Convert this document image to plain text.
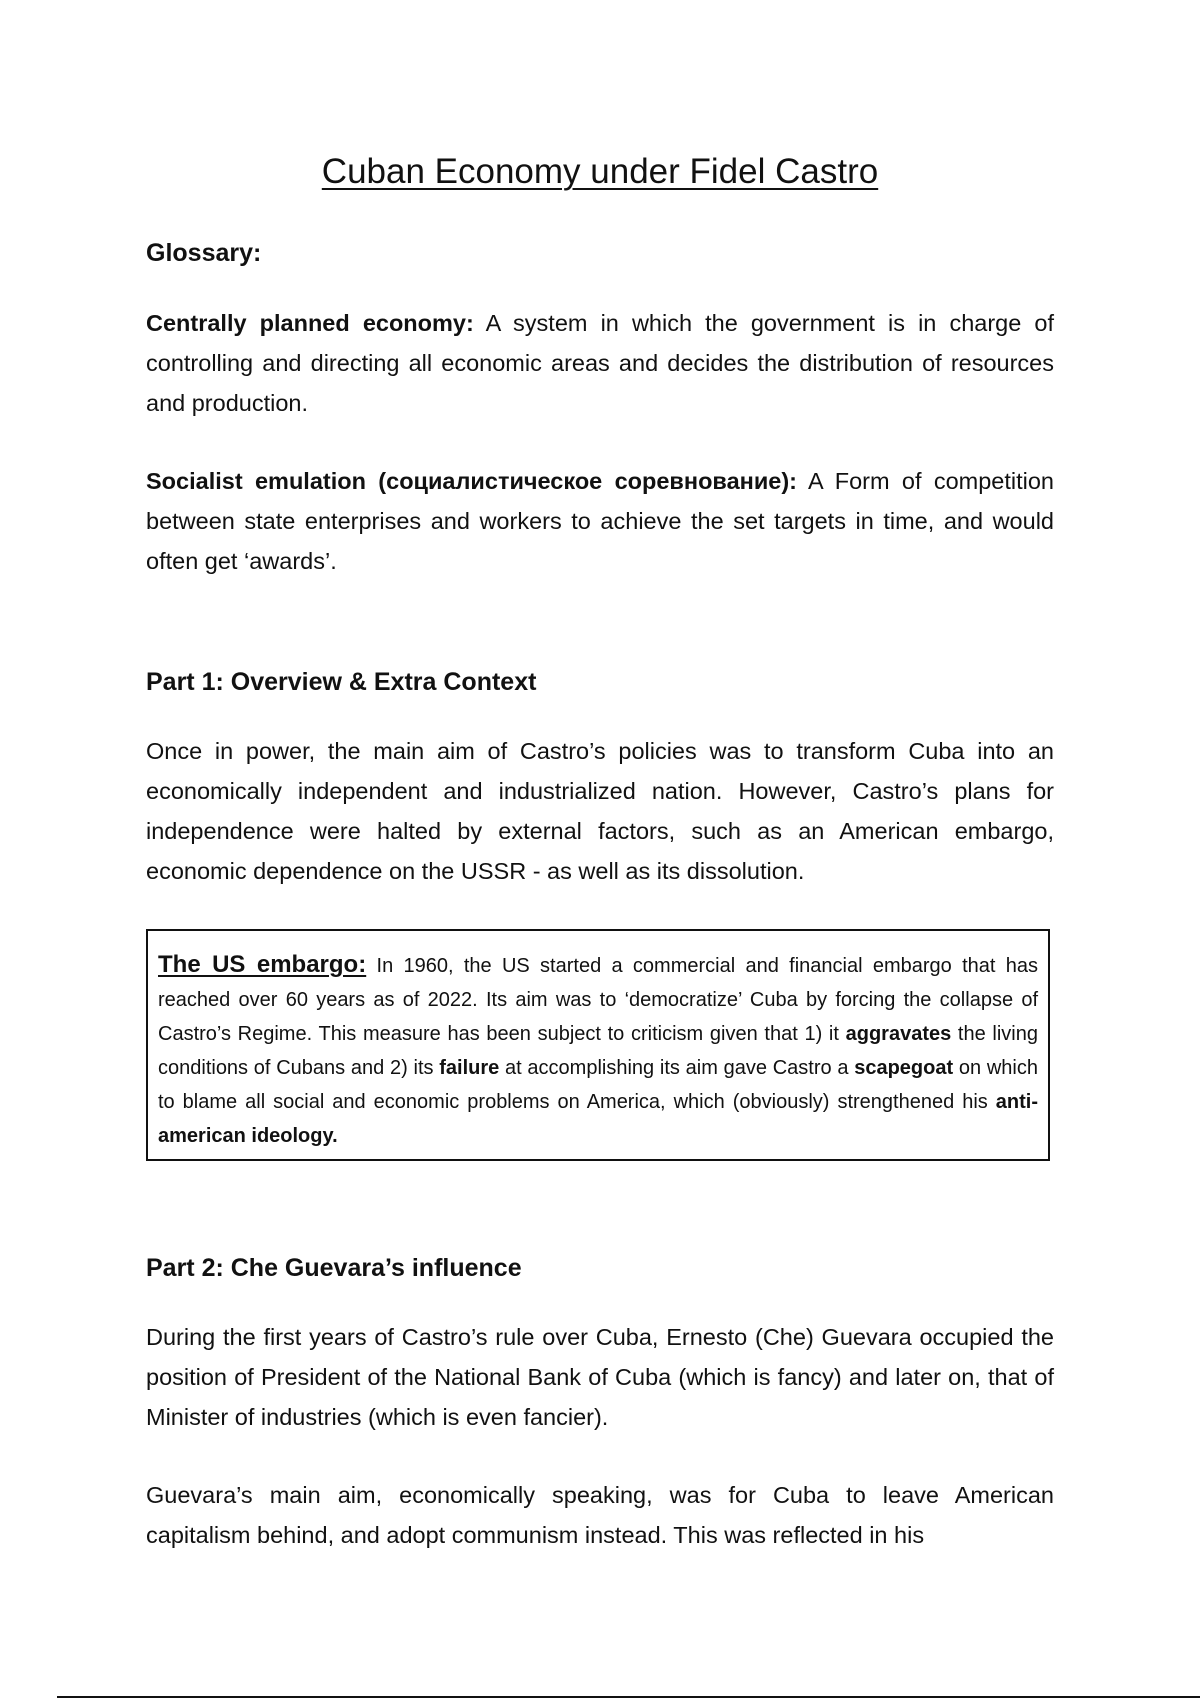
Cuban Economy under Fidel Castro
Glossary:

Centrally planned economy: A system in which the government is in charge of controlling and directing all economic areas and decides the distribution of resources and production.

Socialist emulation (социалистическое соревнование): A Form of competition between state enterprises and workers to achieve the set targets in time, and would often get ‘awards’.

Part 1: Overview & Extra Context

Once in power, the main aim of Castro’s policies was to transform Cuba into an economically independent and industrialized nation. However, Castro’s plans for independence were halted by external factors, such as an American embargo, economic dependence on the USSR - as well as its dissolution.

The US embargo: In 1960, the US started a commercial and financial embargo that has reached over 60 years as of 2022. Its aim was to ‘democratize’ Cuba by forcing the collapse of Castro’s Regime. This measure has been subject to criticism given that 1) it aggravates the living conditions of Cubans and 2) its failure at accomplishing its aim gave Castro a scapegoat on which to blame all social and economic problems on America, which (obviously) strengthened his anti-american ideology.

Part 2: Che Guevara’s influence

During the first years of Castro’s rule over Cuba, Ernesto (Che) Guevara occupied the position of President of the National Bank of Cuba (which is fancy) and later on, that of Minister of industries (which is even fancier).

Guevara’s main aim, economically speaking, was for Cuba to leave American capitalism behind, and adopt communism instead. This was reflected in his
